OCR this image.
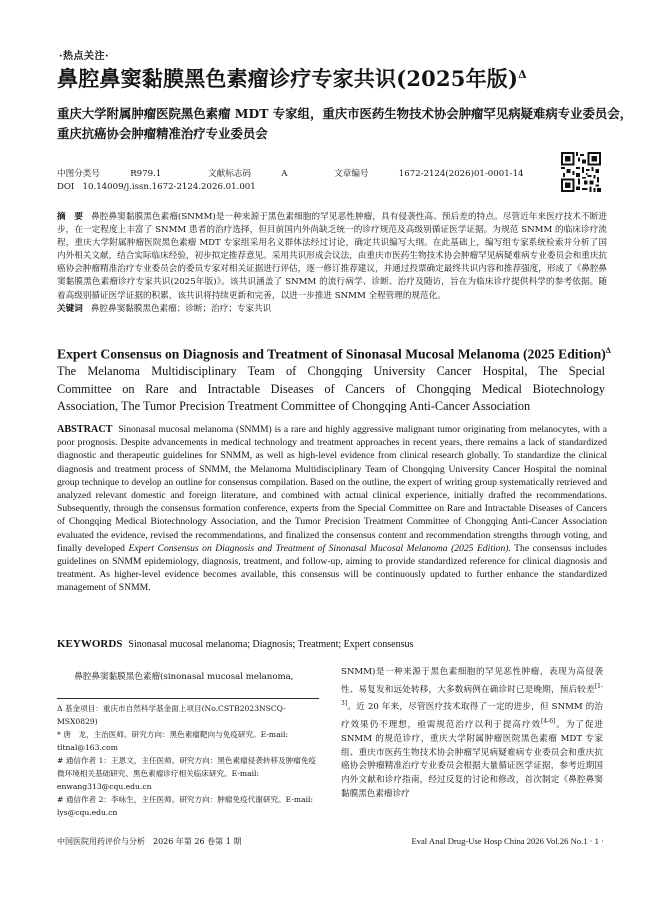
·热点关注·
鼻腔鼻窦黏膜黑色素瘤诊疗专家共识(2025年版)$^\Delta$
重庆大学附属肿瘤医院黑色素瘤 MDT 专家组，重庆市医药生物技术协会肿瘤罕见病疑难病专业委员会，重庆抗癌协会肿瘤精准治疗专业委员会
中图分类号	R979.1	文献标志码	A	文章编号	1672-2124(2026)01-0001-14
DOI 10.14009/j.issn.1672-2124.2026.01.001
摘　要 鼻腔鼻窦黏膜黑色素瘤(SNMM)是一种来源于黑色素细胞的罕见恶性肿瘤，具有侵袭性高、预后差的特点。尽管近年来医疗技术不断进步，在一定程度上丰富了 SNMM 患者的治疗选择，但目前国内外尚缺乏统一的诊疗规范及高级别循证医学证据。为规范 SNMM 的临床诊疗流程，重庆大学附属肿瘤医院黑色素瘤 MDT 专家组采用名义群体法经过讨论，确定共识编写大纲。在此基础上，编写组专家系统检索并分析了国内外相关文献，结合实际临床经验，初步拟定推荐意见。采用共识形成会议法，由重庆市医药生物技术协会肿瘤罕见病疑难病专业委员会和重庆抗癌协会肿瘤精准治疗专业委员会的委员专家对相关证据进行评估，逐一修订推荐建议，并通过投票确定最终共识内容和推荐强度，形成了《鼻腔鼻窦黏膜黑色素瘤诊疗专家共识(2025年版)》。该共识涵盖了 SNMM 的流行病学、诊断、治疗及随访，旨在为临床诊疗提供科学的参考依据。随着高级别循证医学证据的积累，该共识将持续更新和完善，以进一步推进 SNMM 全程管理的规范化。
关键词 鼻腔鼻窦黏膜黑色素瘤；诊断；治疗；专家共识
Expert Consensus on Diagnosis and Treatment of Sinonasal Mucosal Melanoma (2025 Edition)$^\Delta$
The Melanoma Multidisciplinary Team of Chongqing University Cancer Hospital, The Special
Committee on Rare and Intractable Diseases of Cancers of Chongqing Medical Biotechnology
Association, The Tumor Precision Treatment Committee of Chongqing Anti-Cancer Association
ABSTRACT Sinonasal mucosal melanoma (SNMM) is a rare and highly aggressive malignant tumor originating from melanocytes, with a poor prognosis. Despite advancements in medical technology and treatment approaches in recent years, there remains a lack of standardized diagnostic and therapeutic guidelines for SNMM, as well as high-level evidence from clinical research globally. To standardize the clinical diagnosis and treatment process of SNMM, the Melanoma Multidisciplinary Team of Chongqing University Cancer Hospital the nominal group technique to develop an outline for consensus compilation. Based on the outline, the expert of writing group systematically retrieved and analyzed relevant domestic and foreign literature, and combined with actual clinical experience, initially drafted the recommendations. Subsequently, through the consensus formation conference, experts from the Special Committee on Rare and Intractable Diseases of Cancers of Chongqing Medical Biotechnology Association, and the Tumor Precision Treatment Committee of Chongqing Anti-Cancer Association evaluated the evidence, revised the recommendations, and finalized the consensus content and recommendation strengths through voting, and finally developed Expert Consensus on Diagnosis and Treatment of Sinonasal Mucosal Melanoma (2025 Edition). The consensus includes guidelines on SNMM epidemiology, diagnosis, treatment, and follow-up, aiming to provide standardized reference for clinical diagnosis and treatment. As higher-level evidence becomes available, this consensus will be continuously updated to further enhance the standardized management of SNMM.
KEYWORDS Sinonasal mucosal melanoma; Diagnosis; Treatment; Expert consensus
鼻腔鼻窦黏膜黑色素瘤(sinonasal mucosal melanoma,

Δ 基金项目：重庆市自然科学基金面上项目(No.CSTB2023NSCQ-MSX0829)

* 唐　龙，主治医师。研究方向：黑色素瘤靶向与免疫研究。E-mail: tltnal@163.com

# 通信作者 1：王恩文，主任医师。研究方向：黑色素瘤侵袭转移及肿瘤免疫微环境相关基础研究、黑色素瘤诊疗相关临床研究。E-mail: enwang313@cqu.edu.cn

# 通信作者 2：李咏生，主任医师。研究方向：肿瘤免疫代谢研究。E-mail: lys@cqu.edu.cn

SNMM)是一种来源于黑色素细胞的罕见恶性肿瘤，表现为高侵袭性、易复发和远处转移，大多数病例在确诊时已是晚期，预后较差[1-3]。近 20 年来，尽管医疗技术取得了一定的进步，但 SNMM 的治疗效果仍不理想，亟需规范治疗以利于提高疗效[4-6]。为了促进 SNMM 的规范诊疗，重庆大学附属肿瘤医院黑色素瘤 MDT 专家组、重庆市医药生物技术协会肿瘤罕见病疑难病专业委员会和重庆抗癌协会肿瘤精准治疗专业委员会根据大量循证医学证据，参考近期国内外文献和诊疗指南，经过反复的讨论和修改，首次制定《鼻腔鼻窦黏膜黑色素瘤诊疗
中国医院用药评价与分析　2026 年第 26 卷第 1 期	Eval Anal Drug-Use Hosp China 2026 Vol.26 No.1 · 1 ·
